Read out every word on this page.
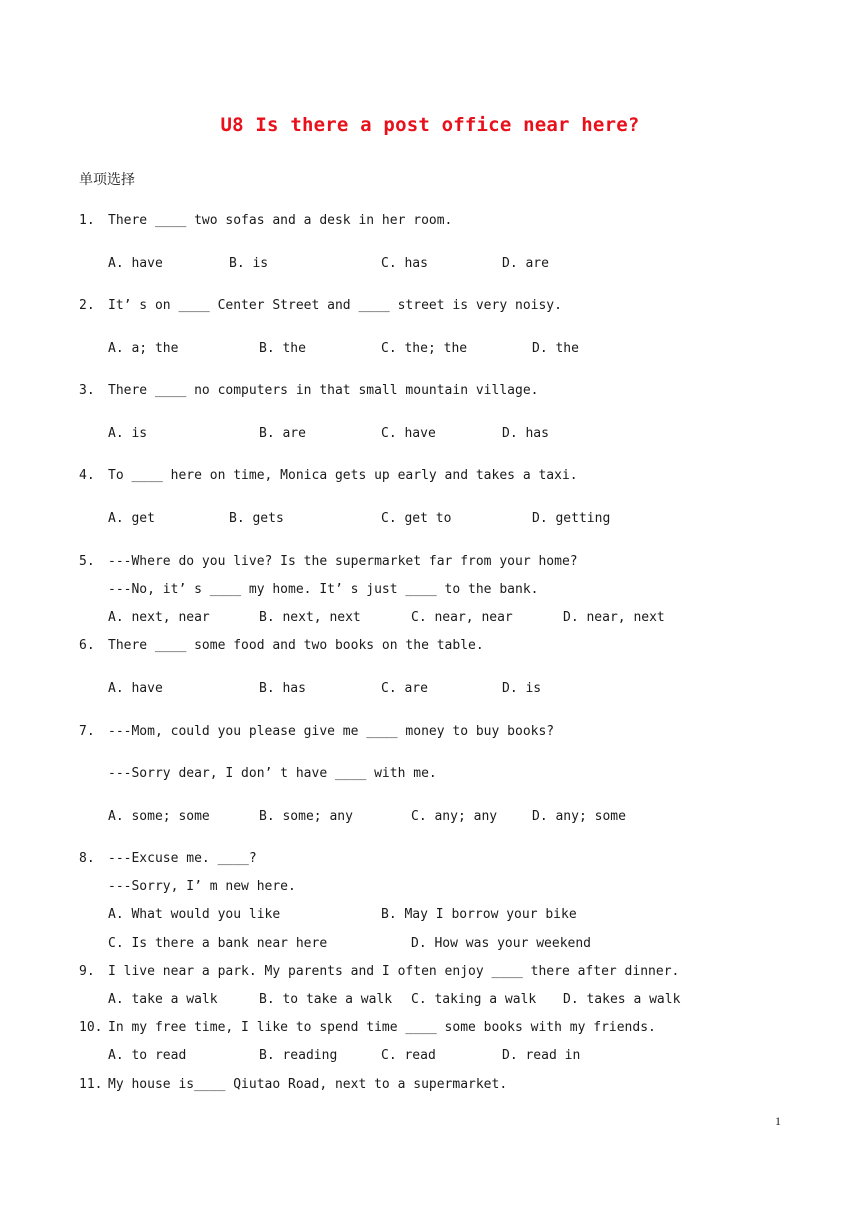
U8 Is there a post office near here?
单项选择
1. There ____ two sofas and a desk in her room.
A. have	B. is	C. has	D. are
2. It’ s on ____ Center Street and ____ street is very noisy.
A. a; the	B. the	C. the; the	D. the
3. There ____ no computers in that small mountain village.
A. is	B. are	C. have	D. has
4. To ____ here on time, Monica gets up early and takes a taxi.
A. get	B. gets	C. get to	D. getting
5. ---Where do you live? Is the supermarket far from your home?
---No, it’ s ____ my home. It’ s just ____ to the bank.
A. next, near	B. next, next	C. near, near	D. near, next
6. There ____ some food and two books on the table.
A. have	B. has	C. are	D. is
7. ---Mom, could you please give me ____ money to buy books?
---Sorry dear, I don’ t have ____ with me.
A. some; some	B. some; any	C. any; any	D. any; some
8. ---Excuse me. ____?
---Sorry, I’ m new here.
A. What would you like	B. May I borrow your bike
C. Is there a bank near here	D. How was your weekend
9. I live near a park. My parents and I often enjoy ____ there after dinner.
A. take a walk	B. to take a walk C. taking a walk D. takes a walk
10. In my free time, I like to spend time ____ some books with my friends.
A. to read	B. reading	C. read	D. read in
11. My house is____ Qiutao Road, next to a supermarket.
1
